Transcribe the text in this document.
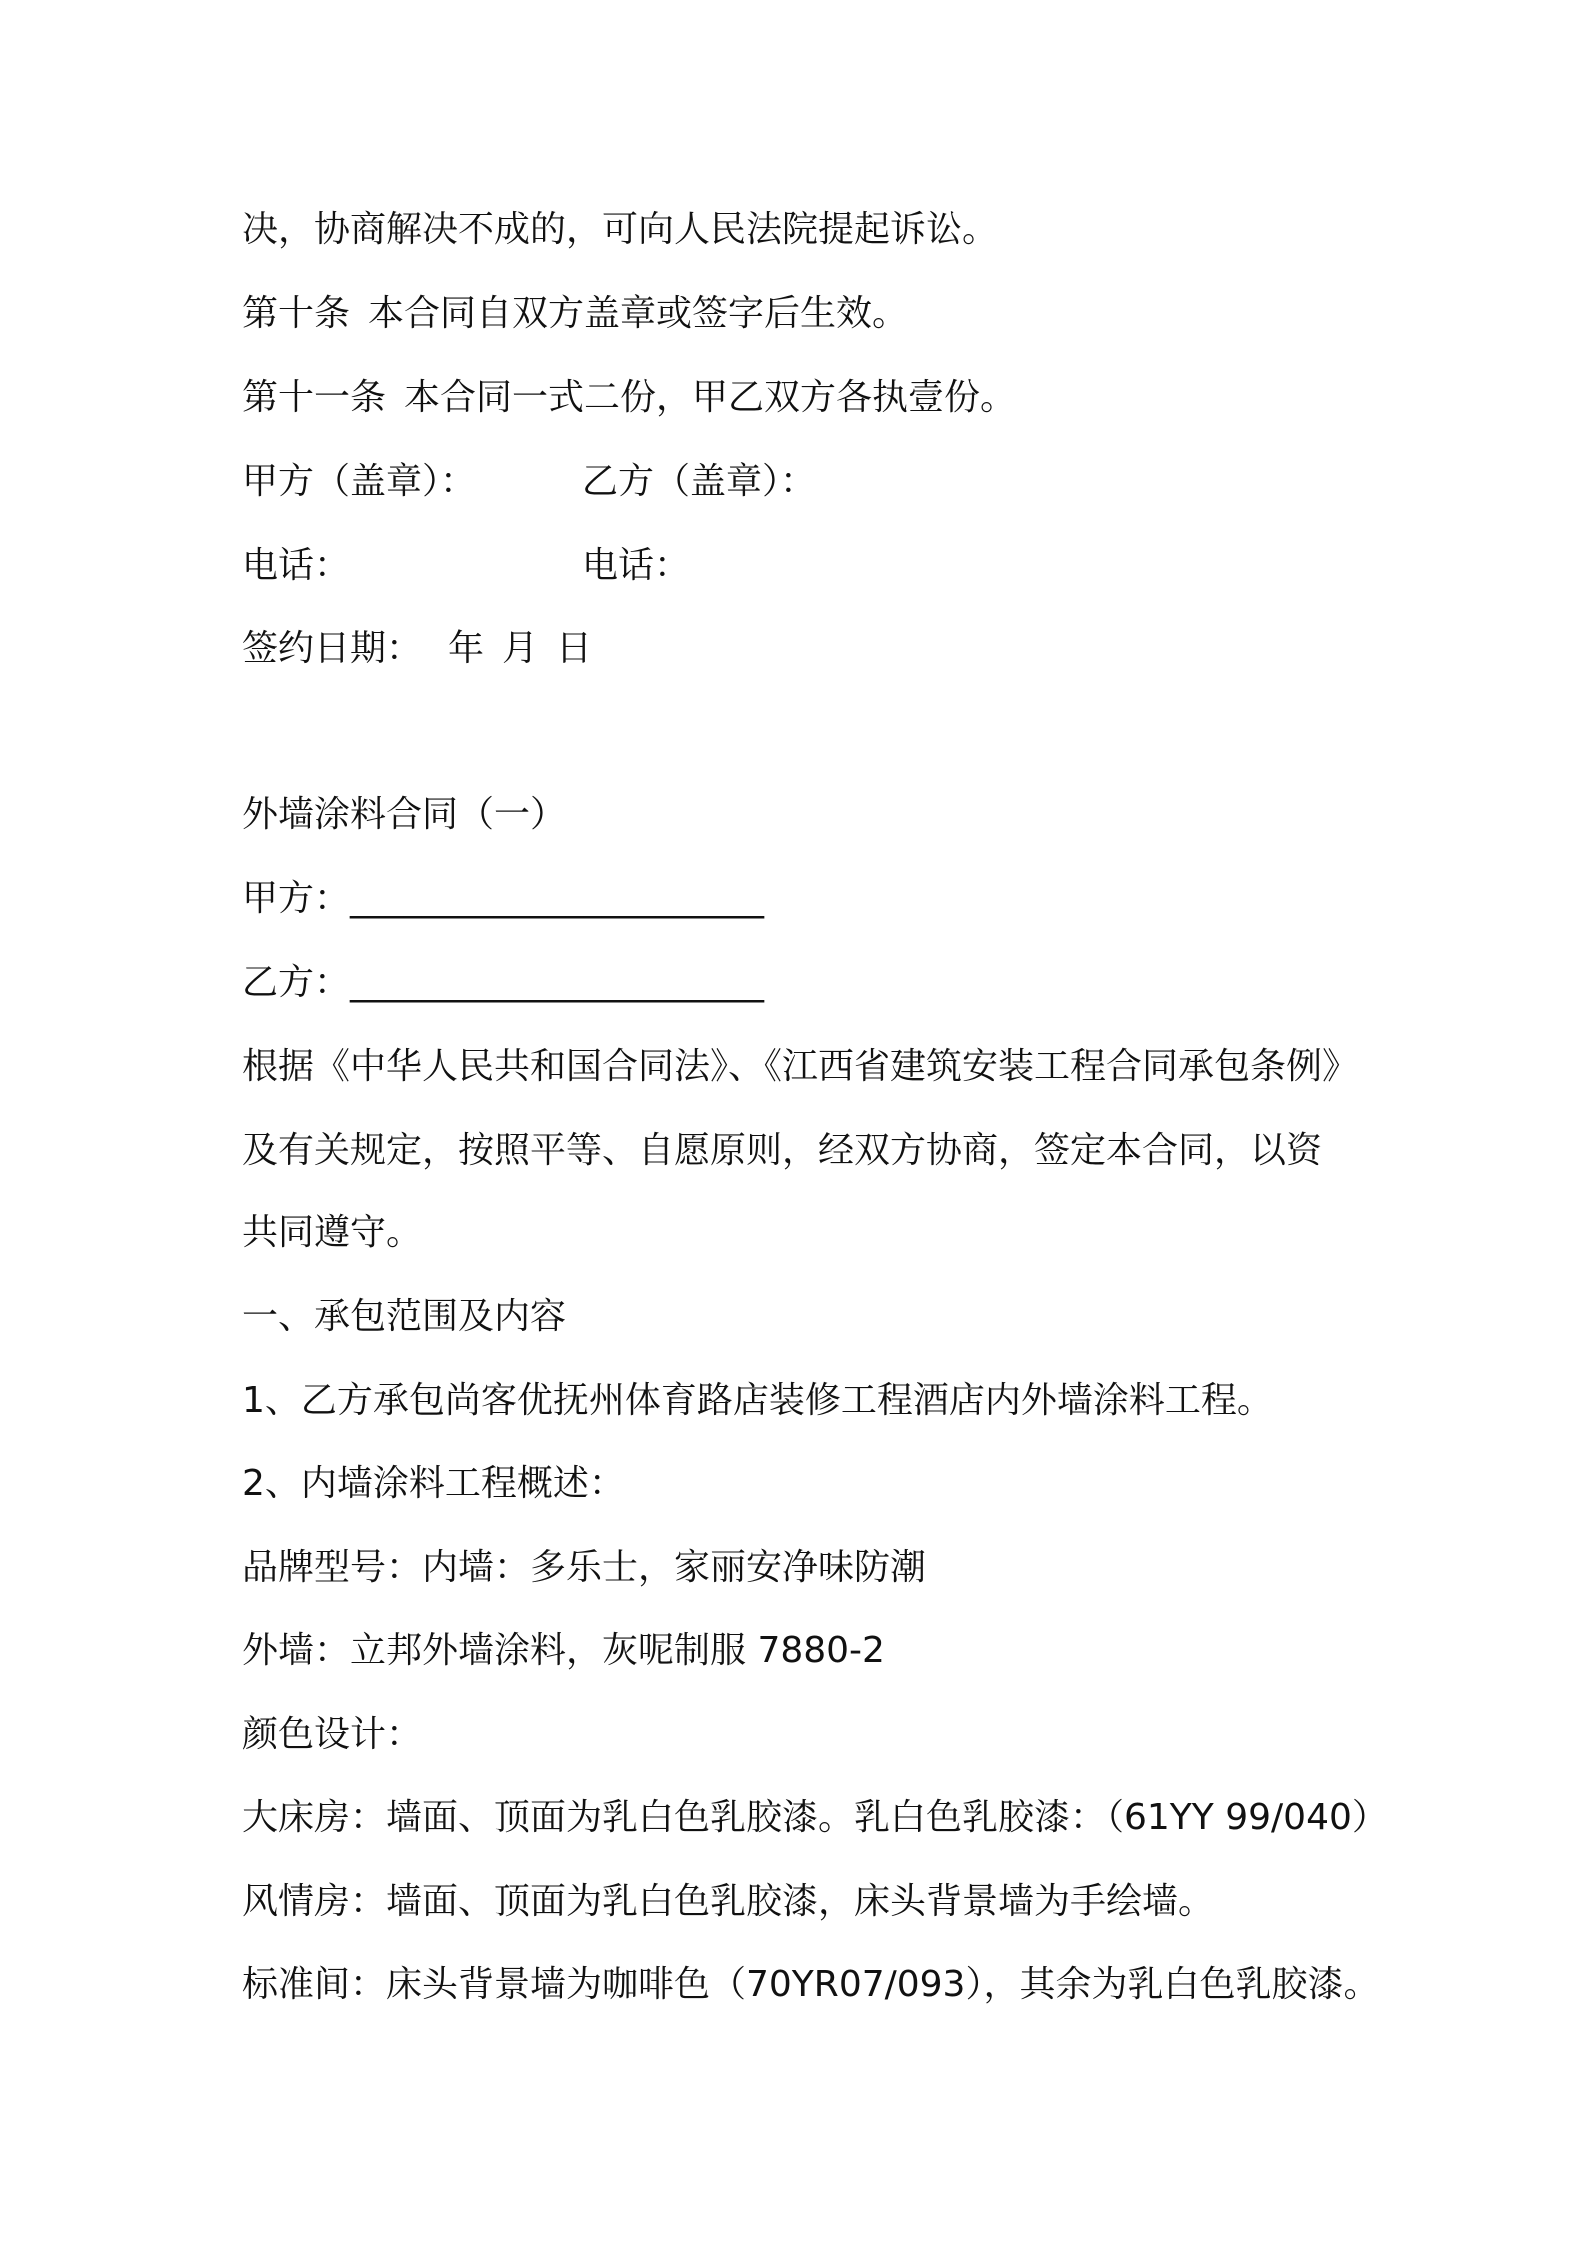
决，协商解决不成的，可向人民法院提起诉讼。
第十条 本合同自双方盖章或签字后生效。
第十一条 本合同一式二份，甲乙双方各执壹份。
甲方（盖章）：	乙方（盖章）：
电话：	电话：
签约日期： 年 月 日
外墙涂料合同（一）
甲方：_______________________
乙方：_______________________
根据《中华人民共和国合同法》、《江西省建筑安装工程合同承包条例》
及有关规定，按照平等、自愿原则，经双方协商，签定本合同，以资
共同遵守。
一、承包范围及内容
1、乙方承包尚客优抚州体育路店装修工程酒店内外墙涂料工程。
2、内墙涂料工程概述：
品牌型号：内墙：多乐士，家丽安净味防潮
外墙：立邦外墙涂料，灰呢制服 7880-2
颜色设计：
大床房：墙面、顶面为乳白色乳胶漆。乳白色乳胶漆：（61YY 99/040）
风情房：墙面、顶面为乳白色乳胶漆，床头背景墙为手绘墙。
标准间：床头背景墙为咖啡色（70YR07/093），其余为乳白色乳胶漆。
